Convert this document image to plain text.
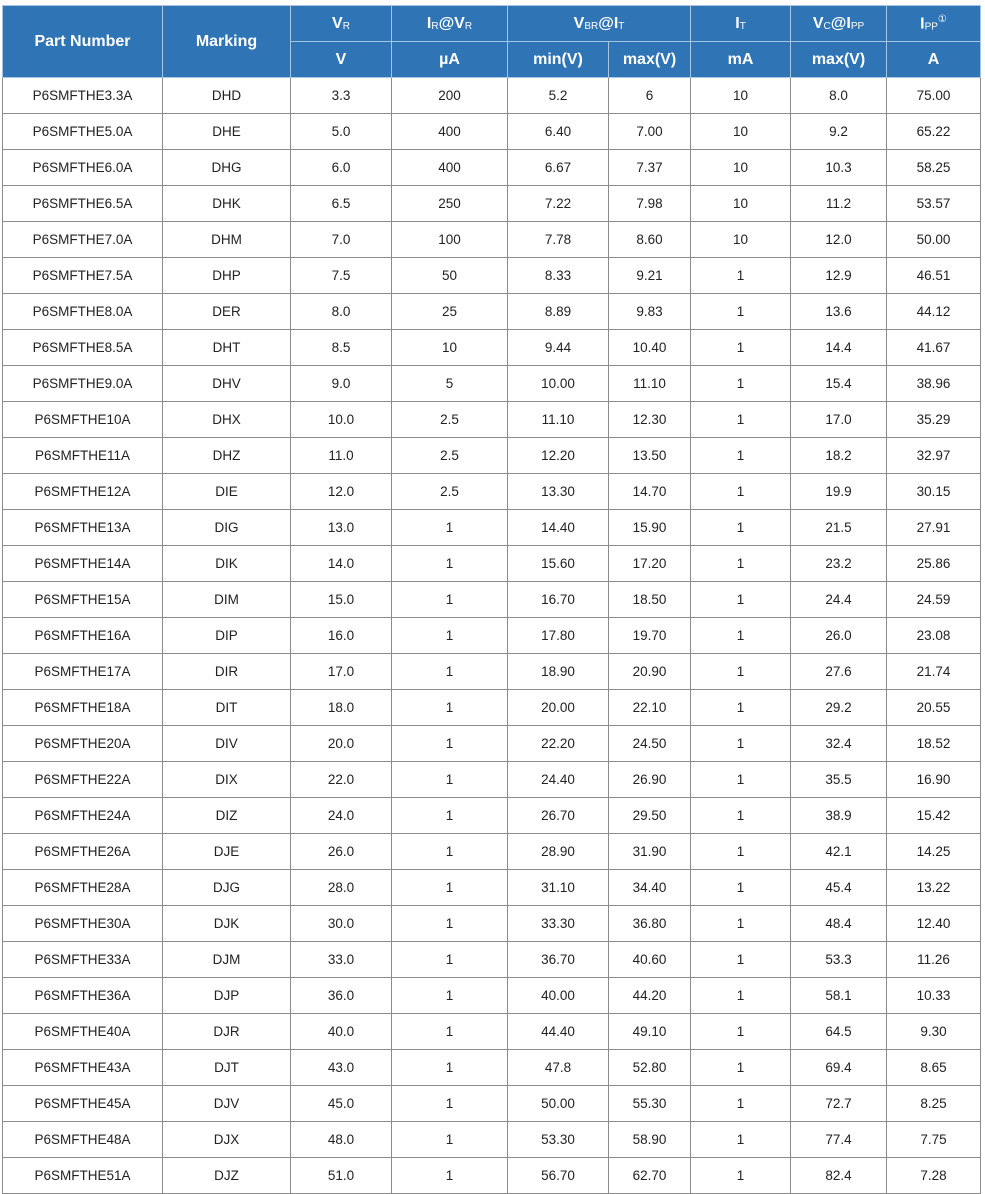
Part Number	Marking	$V_R$	$I_R@V_R$	$V_{BR}@I_T$		$I_T$	$V_C@I_{PP}$	$I_{PP}^①$
		V	µA	min(V)	max(V)	mA	max(V)	A
P6SMFTHE3.3A	DHD	3.3	200	5.2	6	10	8.0	75.00
P6SMFTHE5.0A	DHE	5.0	400	6.40	7.00	10	9.2	65.22
P6SMFTHE6.0A	DHG	6.0	400	6.67	7.37	10	10.3	58.25
P6SMFTHE6.5A	DHK	6.5	250	7.22	7.98	10	11.2	53.57
P6SMFTHE7.0A	DHM	7.0	100	7.78	8.60	10	12.0	50.00
P6SMFTHE7.5A	DHP	7.5	50	8.33	9.21	1	12.9	46.51
P6SMFTHE8.0A	DER	8.0	25	8.89	9.83	1	13.6	44.12
P6SMFTHE8.5A	DHT	8.5	10	9.44	10.40	1	14.4	41.67
P6SMFTHE9.0A	DHV	9.0	5	10.00	11.10	1	15.4	38.96
P6SMFTHE10A	DHX	10.0	2.5	11.10	12.30	1	17.0	35.29
P6SMFTHE11A	DHZ	11.0	2.5	12.20	13.50	1	18.2	32.97
P6SMFTHE12A	DIE	12.0	2.5	13.30	14.70	1	19.9	30.15
P6SMFTHE13A	DIG	13.0	1	14.40	15.90	1	21.5	27.91
P6SMFTHE14A	DIK	14.0	1	15.60	17.20	1	23.2	25.86
P6SMFTHE15A	DIM	15.0	1	16.70	18.50	1	24.4	24.59
P6SMFTHE16A	DIP	16.0	1	17.80	19.70	1	26.0	23.08
P6SMFTHE17A	DIR	17.0	1	18.90	20.90	1	27.6	21.74
P6SMFTHE18A	DIT	18.0	1	20.00	22.10	1	29.2	20.55
P6SMFTHE20A	DIV	20.0	1	22.20	24.50	1	32.4	18.52
P6SMFTHE22A	DIX	22.0	1	24.40	26.90	1	35.5	16.90
P6SMFTHE24A	DIZ	24.0	1	26.70	29.50	1	38.9	15.42
P6SMFTHE26A	DJE	26.0	1	28.90	31.90	1	42.1	14.25
P6SMFTHE28A	DJG	28.0	1	31.10	34.40	1	45.4	13.22
P6SMFTHE30A	DJK	30.0	1	33.30	36.80	1	48.4	12.40
P6SMFTHE33A	DJM	33.0	1	36.70	40.60	1	53.3	11.26
P6SMFTHE36A	DJP	36.0	1	40.00	44.20	1	58.1	10.33
P6SMFTHE40A	DJR	40.0	1	44.40	49.10	1	64.5	9.30
P6SMFTHE43A	DJT	43.0	1	47.8	52.80	1	69.4	8.65
P6SMFTHE45A	DJV	45.0	1	50.00	55.30	1	72.7	8.25
P6SMFTHE48A	DJX	48.0	1	53.30	58.90	1	77.4	7.75
P6SMFTHE51A	DJZ	51.0	1	56.70	62.70	1	82.4	7.28
